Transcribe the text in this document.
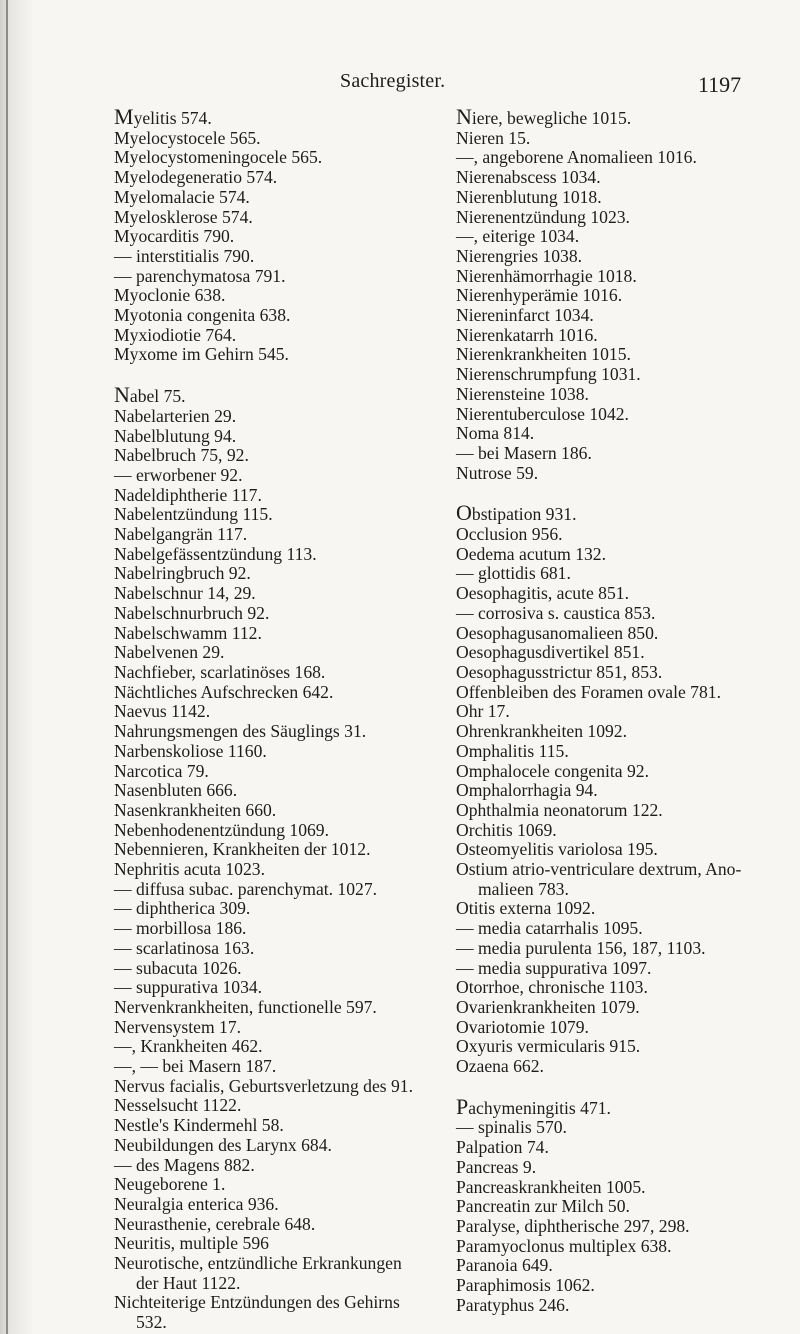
Sachregister.	1197
Myelitis 574.
Myelocystocele 565.
Myelocystomeningocele 565.
Myelodegeneratio 574.
Myelomalacie 574.
Myelosklerose 574.
Myocarditis 790.
— interstitialis 790.
— parenchymatosa 791.
Myoclonie 638.
Myotonia congenita 638.
Myxiodiotie 764.
Myxome im Gehirn 545.
Nabel 75.
Nabelarterien 29.
Nabelblutung 94.
Nabelbruch 75, 92.
— erworbener 92.
Nadeldiphtherie 117.
Nabelentzündung 115.
Nabelgangrän 117.
Nabelgefässentzündung 113.
Nabelringbruch 92.
Nabelschnur 14, 29.
Nabelschnurbruch 92.
Nabelschwamm 112.
Nabelvenen 29.
Nachfieber, scarlatinöses 168.
Nächtliches Aufschrecken 642.
Naevus 1142.
Nahrungsmengen des Säuglings 31.
Narbenskoliose 1160.
Narcotica 79.
Nasenbluten 666.
Nasenkrankheiten 660.
Nebenhodenentzündung 1069.
Nebennieren, Krankheiten der 1012.
Nephritis acuta 1023.
— diffusa subac. parenchymat. 1027.
— diphtherica 309.
— morbillosa 186.
— scarlatinosa 163.
— subacuta 1026.
— suppurativa 1034.
Nervenkrankheiten, functionelle 597.
Nervensystem 17.
—, Krankheiten 462.
—, — bei Masern 187.
Nervus facialis, Geburtsverletzung des 91.
Nesselsucht 1122.
Nestle's Kindermehl 58.
Neubildungen des Larynx 684.
— des Magens 882.
Neugeborene 1.
Neuralgia enterica 936.
Neurasthenie, cerebrale 648.
Neuritis, multiple 596
Neurotische, entzündliche Erkrankungen
der Haut 1122.
Nichteiterige Entzündungen des Gehirns
532.
Niere, bewegliche 1015.
Nieren 15.
—, angeborene Anomalieen 1016.
Nierenabscess 1034.
Nierenblutung 1018.
Nierenentzündung 1023.
—, eiterige 1034.
Nierengries 1038.
Nierenhämorrhagie 1018.
Nierenhyperämie 1016.
Niereninfarct 1034.
Nierenkatarrh 1016.
Nierenkrankheiten 1015.
Nierenschrumpfung 1031.
Nierensteine 1038.
Nierentuberculose 1042.
Noma 814.
— bei Masern 186.
Nutrose 59.
Obstipation 931.
Occlusion 956.
Oedema acutum 132.
— glottidis 681.
Oesophagitis, acute 851.
— corrosiva s. caustica 853.
Oesophagusanomalieen 850.
Oesophagusdivertikel 851.
Oesophagusstrictur 851, 853.
Offenbleiben des Foramen ovale 781.
Ohr 17.
Ohrenkrankheiten 1092.
Omphalitis 115.
Omphalocele congenita 92.
Omphalorrhagia 94.
Ophthalmia neonatorum 122.
Orchitis 1069.
Osteomyelitis variolosa 195.
Ostium atrio-ventriculare dextrum, Ano-
malieen 783.
Otitis externa 1092.
— media catarrhalis 1095.
— media purulenta 156, 187, 1103.
— media suppurativa 1097.
Otorrhoe, chronische 1103.
Ovarienkrankheiten 1079.
Ovariotomie 1079.
Oxyuris vermicularis 915.
Ozaena 662.
Pachymeningitis 471.
— spinalis 570.
Palpation 74.
Pancreas 9.
Pancreaskrankheiten 1005.
Pancreatin zur Milch 50.
Paralyse, diphtherische 297, 298.
Paramyoclonus multiplex 638.
Paranoia 649.
Paraphimosis 1062.
Paratyphus 246.
